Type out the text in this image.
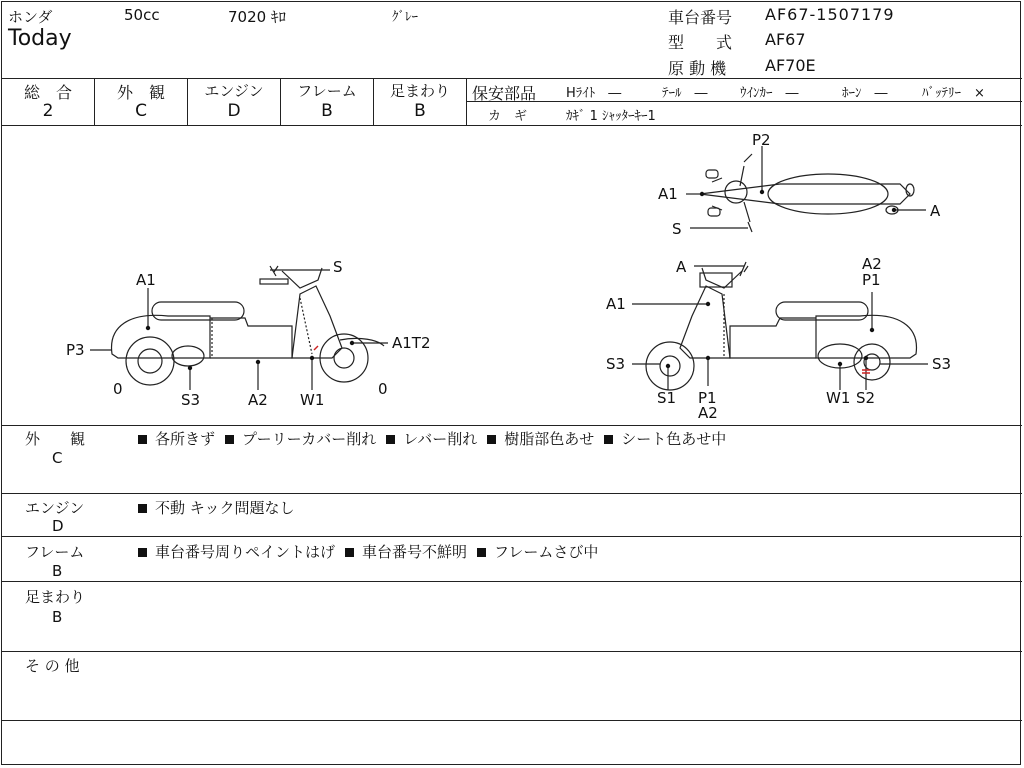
ホンダ	50cc	7020 ｷﾛ	ｸﾞﾚｰ
Today
車台番号 AF67-1507179
型　　式 AF67
原 動 機 AF70E
総　合
2
外　観
C
エンジン
D
フレーム
B
足まわり
B
保安部品 Hﾗｲﾄ　―	ﾃｰﾙ　― ｳｲﾝｶｰ　―	ﾎｰﾝ　―	ﾊﾞｯﾃﾘｰ　×
カ　ギ	ｶｷﾞ 1 ｼｬｯﾀｰｷｰ1
S
A1
P3	A1T2
0
S3	A2 W1
0
A
A1
S3
S1 P1
A2
A2
P1
W1 S2
S3
P2
A1
A
S
外　　観
C
各所きず プーリーカバー削れ レバー削れ 樹脂部色あせ シート色あせ中
エンジン
D
不動 キック問題なし
フレーム
B
車台番号周りペイントはげ 車台番号不鮮明 フレームさび中
足まわり
B
そ の 他
